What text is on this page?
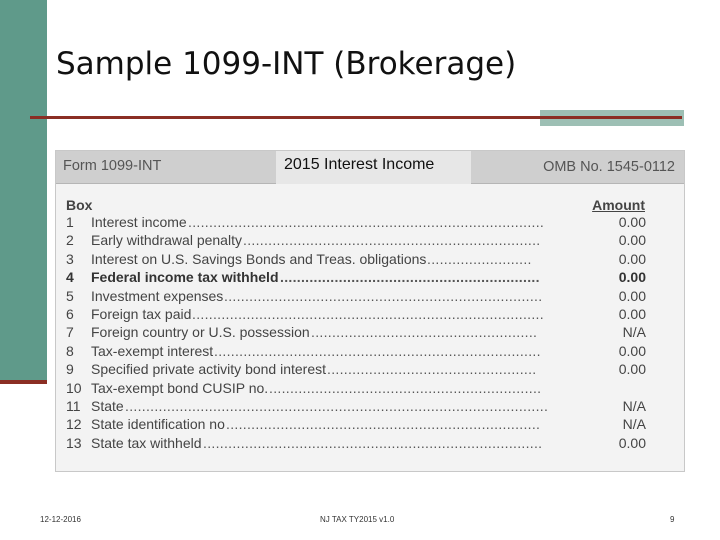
Sample 1099-INT (Brokerage)
Form 1099-INT	2015 Interest Income	OMB No. 1545-0112
Box	Amount
1 Interest income .....................................................................................	0.00
2 Early withdrawal penalty .......................................................................	0.00
3 Interest on U.S. Savings Bonds and Treas. obligations .........................	0.00
4 Federal income tax withheld ..............................................................	0.00
5 Investment expenses ............................................................................	0.00
6 Foreign tax paid ....................................................................................	0.00
7 Foreign country or U.S. possession ......................................................	N/A
8 Tax-exempt interest ..............................................................................	0.00
9 Specified private activity bond interest ..................................................	0.00
10 Tax-exempt bond CUSIP no. .................................................................
11 State .....................................................................................................	N/A
12 State identification no ...........................................................................	N/A
13 State tax withheld .................................................................................	0.00
12-12-2016	NJ TAX TY2015 v1.0	9
